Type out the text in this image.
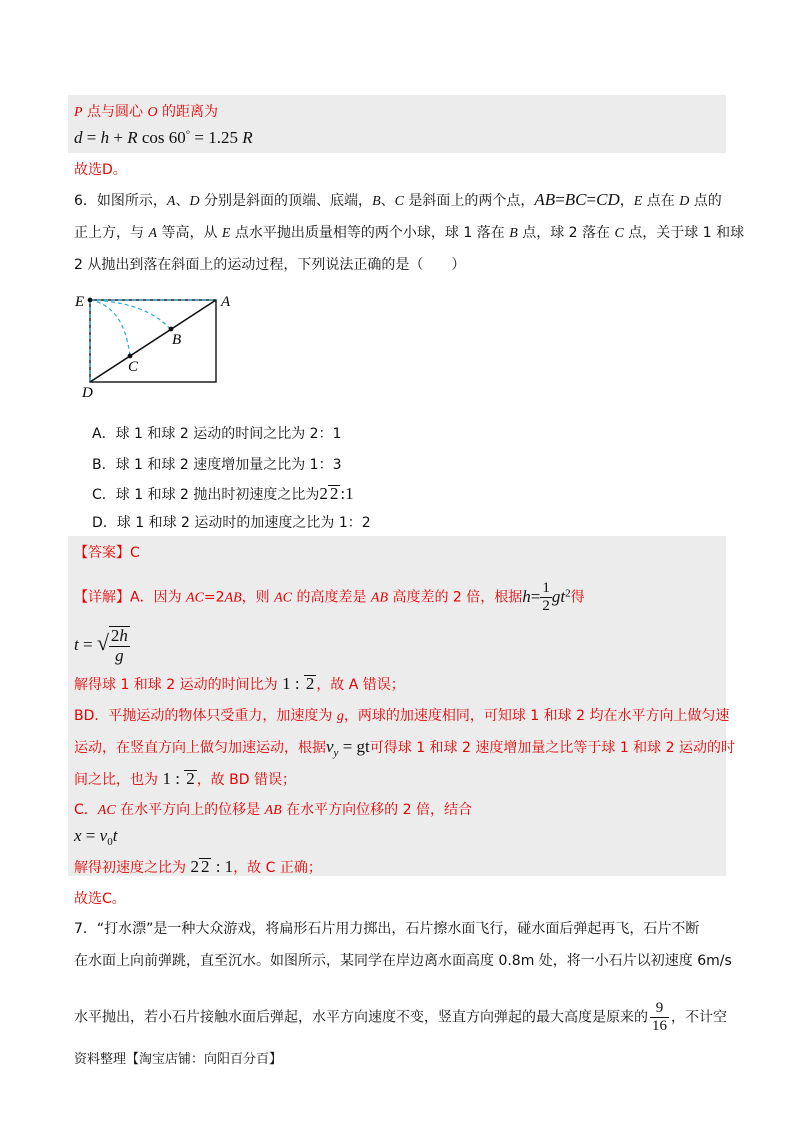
P 点与圆心 O 的距离为
d = h + R cos 60° = 1.25 R
故选D。
6．如图所示，A、D 分别是斜面的顶端、底端，B、C 是斜面上的两个点，AB=BC=CD，E 点在 D 点的
正上方，与 A 等高，从 E 点水平抛出质量相等的两个小球，球 1 落在 B 点，球 2 落在 C 点，关于球 1 和球
2 从抛出到落在斜面上的运动过程，下列说法正确的是（　　）
E	A
B
C
D
A．球 1 和球 2 运动的时间之比为 2：1
B．球 1 和球 2 速度增加量之比为 1：3
C．球 1 和球 2 抛出时初速度之比为2 2 :1
D．球 1 和球 2 运动时的加速度之比为 1：2
【答案】C
【详解】A．因为 AC=2AB，则 AC 的高度差是 AB 高度差的 2 倍，根据$h= \frac{1}{2} gt^2$得
t = √ $\frac{2h}{g}$
解得球 1 和球 2 运动的时间比为 1 : 2 ，故 A 错误；
BD．平抛运动的物体只受重力，加速度为 g，两球的加速度相同，可知球 1 和球 2 均在水平方向上做匀速
运动，在竖直方向上做匀加速运动，根据$v_y$ = gt可得球 1 和球 2 速度增加量之比等于球 1 和球 2 运动的时
间之比，也为 1 : 2 ，故 BD 错误；
C．AC 在水平方向上的位移是 AB 在水平方向位移的 2 倍，结合
$x = v_0t$
解得初速度之比为 2 2 : 1，故 C 正确；
故选C。
7．“打水漂”是一种大众游戏，将扁形石片用力掷出，石片擦水面飞行，碰水面后弹起再飞，石片不断
在水面上向前弹跳，直至沉水。如图所示，某同学在岸边离水面高度 0.8m 处，将一小石片以初速度 6m/s
水平抛出，若小石片接触水面后弹起，水平方向速度不变，竖直方向弹起的最大高度是原来的 $\frac{9}{16}$ ，不计空
资料整理【淘宝店铺：向阳百分百】
